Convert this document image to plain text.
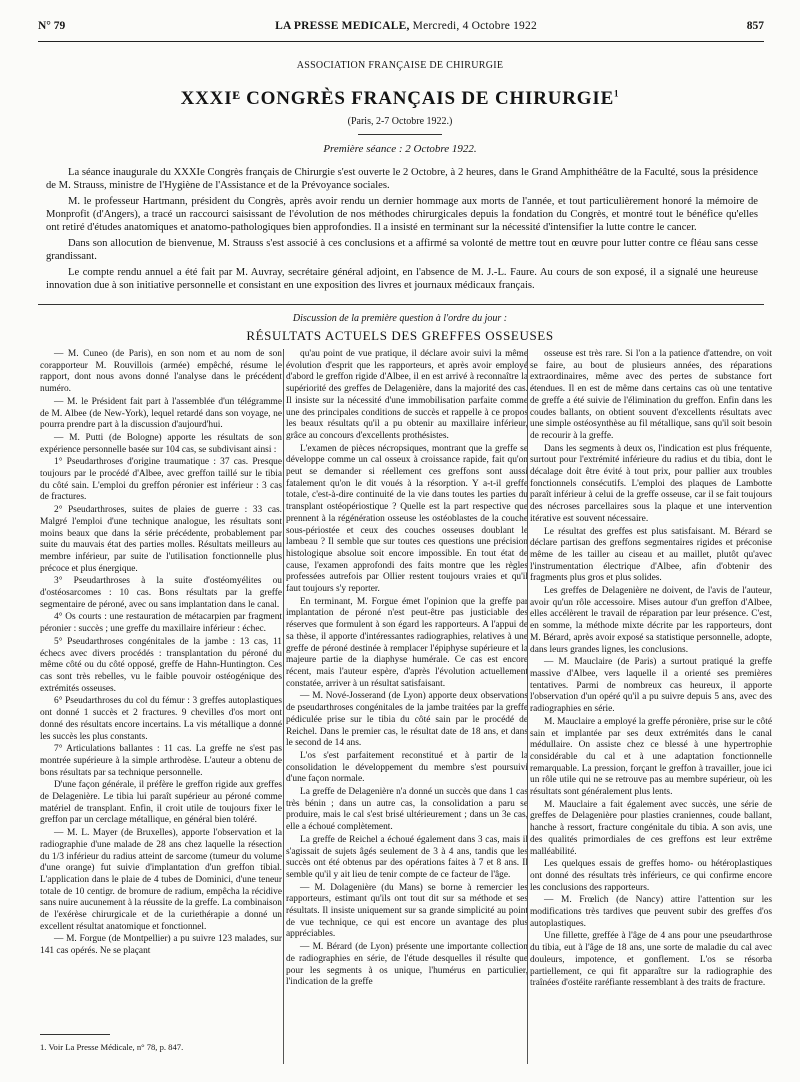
N° 79	LA PRESSE MEDICALE, Mercredi, 4 Octobre 1922	857
ASSOCIATION FRANÇAISE DE CHIRURGIE
XXXIᴱ CONGRÈS FRANÇAIS DE CHIRURGIE$^1$
(Paris, 2-7 Octobre 1922.)
Première séance : 2 Octobre 1922.

La séance inaugurale du XXXIe Congrès français de Chirurgie s'est ouverte le 2 Octobre, à 2 heures, dans le Grand Amphithéâtre de la Faculté, sous la présidence de M. Strauss, ministre de l'Hygiène de l'Assistance et de la Prévoyance sociales.

M. le professeur Hartmann, président du Congrès, après avoir rendu un dernier hommage aux morts de l'année, et tout particulièrement honoré la mémoire de Monprofit (d'Angers), a tracé un raccourci saisissant de l'évolution de nos méthodes chirurgicales depuis la fondation du Congrès, et montré tout le bénéfice qu'elles ont retiré d'études anatomiques et anatomo-pathologiques bien approfondies. Il a insisté en terminant sur la nécessité d'intensifier la lutte contre le cancer.

Dans son allocution de bienvenue, M. Strauss s'est associé à ces conclusions et a affirmé sa volonté de mettre tout en œuvre pour lutter contre ce fléau sans cesse grandissant.

Le compte rendu annuel a été fait par M. Auvray, secrétaire général adjoint, en l'absence de M. J.-L. Faure. Au cours de son exposé, il a signalé une heureuse innovation due à son initiative personnelle et consistant en une exposition des livres et journaux médicaux français.

Discussion de la première question à l'ordre du jour :
RÉSULTATS ACTUELS DES GREFFES OSSEUSES

— M. Cuneo (de Paris), en son nom et au nom de son corapporteur M. Rouvillois (armée) empêché, résume le rapport, dont nous avons donné l'analyse dans le précédent numéro.

— M. le Président fait part à l'assemblée d'un télégramme de M. Albee (de New-York), lequel retardé dans son voyage, ne pourra prendre part à la discussion d'aujourd'hui.

— M. Putti (de Bologne) apporte les résultats de son expérience personnelle basée sur 104 cas, se subdivisant ainsi :

1° Pseudarthroses d'origine traumatique : 37 cas. Presque toujours par le procédé d'Albee, avec greffon taillé sur le tibia du côté sain. L'emploi du greffon péronier est inférieur : 3 cas de fractures.

2° Pseudarthroses, suites de plaies de guerre : 33 cas. Malgré l'emploi d'une technique analogue, les résultats sont moins beaux que dans la série précédente, probablement par suite du mauvais état des parties molles. Résultats meilleurs au membre inférieur, par suite de l'utilisation fonctionnelle plus précoce et plus énergique.

3° Pseudarthroses à la suite d'ostéomyélites ou d'ostéosarcomes : 10 cas. Bons résultats par la greffe segmentaire de péroné, avec ou sans implantation dans le canal.

4° Os courts : une restauration de métacarpien par fragment péronier : succès ; une greffe du maxillaire inférieur : échec.

5° Pseudarthroses congénitales de la jambe : 13 cas, 11 échecs avec divers procédés : transplantation du péroné du même côté ou du côté opposé, greffe de Hahn-Huntington. Ces cas sont très rebelles, vu le faible pouvoir ostéogénique des extrémités osseuses.

6° Pseudarthroses du col du fémur : 3 greffes autoplastiques ont donné 1 succès et 2 fractures. 9 chevilles d'os mort ont donné des résultats encore incertains. La vis métallique a donné les succès les plus constants.

7° Articulations ballantes : 11 cas. La greffe ne s'est pas montrée supérieure à la simple arthrodèse. L'auteur a obtenu de bons résultats par sa technique personnelle.

D'une façon générale, il préfère le greffon rigide aux greffes de Delagenière. Le tibia lui paraît supérieur au péroné comme matériel de transplant. Enfin, il croit utile de toujours fixer le greffon par un cerclage métallique, en général bien toléré.

— M. L. Mayer (de Bruxelles), apporte l'observation et la radiographie d'une malade de 28 ans chez laquelle la résection du 1/3 inférieur du radius atteint de sarcome (tumeur du volume d'une orange) fut suivie d'implantation d'un greffon tibial. L'application dans le plaie de 4 tubes de Dominici, d'une teneur totale de 10 centigr. de bromure de radium, empêcha la récidive sans nuire aucunement à la réussite de la greffe. La combinaison de l'exérèse chirurgicale et de la curiethérapie a donné un excellent résultat anatomique et fonctionnel.

— M. Forgue (de Montpellier) a pu suivre 123 malades, sur 141 cas opérés. Ne se plaçant

qu'au point de vue pratique, il déclare avoir suivi la même évolution d'esprit que les rapporteurs, et après avoir employé d'abord le greffon rigide d'Albee, il en est arrivé à reconnaître la supériorité des greffes de Delagenière, dans la majorité des cas. Il insiste sur la nécessité d'une immobilisation parfaite comme une des principales conditions de succès et rappelle à ce propos les beaux résultats qu'il a pu obtenir au maxillaire inférieur, grâce au concours d'excellents prothésistes.

L'examen de pièces nécropsiques, montrant que la greffe se développe comme un cal osseux à croissance rapide, fait qu'on peut se demander si réellement ces greffons sont aussi fatalement qu'on le dit voués à la résorption. Y a-t-il greffe totale, c'est-à-dire continuité de la vie dans toutes les parties du transplant ostéopériostique ? Quelle est la part respective que prennent à la régénération osseuse les ostéoblastes de la couche sous-périostée et ceux des couches osseuses doublant le lambeau ? Il semble que sur toutes ces questions une précision histologique absolue soit encore impossible. En tout état de cause, l'examen approfondi des faits montre que les règles professées autrefois par Ollier restent toujours vraies et qu'il faut toujours s'y reporter.

En terminant, M. Forgue émet l'opinion que la greffe par implantation de péroné n'est peut-être pas justiciable des réserves que formulent à son égard les rapporteurs. A l'appui de sa thèse, il apporte d'intéressantes radiographies, relatives à une greffe de péroné destinée à remplacer l'épiphyse supérieure et la majeure partie de la diaphyse humérale. Ce cas est encore récent, mais l'auteur espère, d'après l'évolution actuellement constatée, arriver à un résultat satisfaisant.

— M. Nové-Josserand (de Lyon) apporte deux observations de pseudarthroses congénitales de la jambe traitées par la greffe pédiculée prise sur le tibia du côté sain par le procédé de Reichel. Dans le premier cas, le résultat date de 18 ans, et dans le second de 14 ans.

L'os s'est parfaitement reconstitué et à partir de la consolidation le développement du membre s'est poursuivi d'une façon normale.

La greffe de Delagenière n'a donné un succès que dans 1 cas très bénin ; dans un autre cas, la consolidation a paru se produire, mais le cal s'est brisé ultérieurement ; dans un 3e cas, elle a échoué complètement.

La greffe de Reichel a échoué également dans 3 cas, mais il s'agissait de sujets âgés seulement de 3 à 4 ans, tandis que les succès ont été obtenus par des opérations faites à 7 et 8 ans. Il semble qu'il y ait lieu de tenir compte de ce facteur de l'âge.

— M. Dolagenière (du Mans) se borne à remercier les rapporteurs, estimant qu'ils ont tout dit sur sa méthode et ses résultats. Il insiste uniquement sur sa grande simplicité au point de vue technique, ce qui est encore un avantage des plus appréciables.

— M. Bérard (de Lyon) présente une importante collection de radiographies en série, de l'étude desquelles il résulte que pour les segments à os unique, l'humérus en particulier, l'indication de la greffe

osseuse est très rare. Si l'on a la patience d'attendre, on voit se faire, au bout de plusieurs années, des réparations extraordinaires, même avec des pertes de substance fort étendues. Il en est de même dans certains cas où une tentative de greffe a été suivie de l'élimination du greffon. Enfin dans les coudes ballants, on obtient souvent d'excellents résultats avec une simple ostéosynthèse au fil métallique, sans qu'il soit besoin de recourir à la greffe.

Dans les segments à deux os, l'indication est plus fréquente, surtout pour l'extrémité inférieure du radius et du tibia, dont le décalage doit être évité à tout prix, pour pallier aux troubles fonctionnels consécutifs. L'emploi des plaques de Lambotte paraît inférieur à celui de la greffe osseuse, car il se fait toujours des nécroses parcellaires sous la plaque et une intervention itérative est souvent nécessaire.

Le résultat des greffes est plus satisfaisant. M. Bérard se déclare partisan des greffons segmentaires rigides et préconise même de les tailler au ciseau et au maillet, plutôt qu'avec l'instrumentation électrique d'Albee, afin d'obtenir des fragments plus gros et plus solides.

Les greffes de Delagenière ne doivent, de l'avis de l'auteur, avoir qu'un rôle accessoire. Mises autour d'un greffon d'Albee, elles accélèrent le travail de réparation par leur présence. C'est, en somme, la méthode mixte décrite par les rapporteurs, dont M. Bérard, après avoir exposé sa statistique personnelle, adopte, dans leurs grandes lignes, les conclusions.

— M. Mauclaire (de Paris) a surtout pratiqué la greffe massive d'Albee, vers laquelle il a orienté ses premières tentatives. Parmi de nombreux cas heureux, il apporte l'observation d'un opéré qu'il a pu suivre depuis 5 ans, avec des radiographies en série.

M. Mauclaire a employé la greffe péronière, prise sur le côté sain et implantée par ses deux extrémités dans le canal médullaire. On assiste chez ce blessé à une hypertrophie considérable du cal et à une adaptation fonctionnelle remarquable. La pression, forçant le greffon à travailler, joue ici un rôle utile qui ne se retrouve pas au membre supérieur, où les résultats sont généralement plus lents.

M. Mauclaire a fait également avec succès, une série de greffes de Delagenière pour plasties craniennes, coude ballant, hanche à ressort, fracture congénitale du tibia. A son avis, une des qualités primordiales de ces greffons est leur extrême malléabilité.

Les quelques essais de greffes homo- ou hétéroplastiques ont donné des résultats très inférieurs, ce qui confirme encore les conclusions des rapporteurs.

— M. Frœlich (de Nancy) attire l'attention sur les modifications très tardives que peuvent subir des greffes d'os autoplastiques.

Une fillette, greffée à l'âge de 4 ans pour une pseudarthrose du tibia, eut à l'âge de 18 ans, une sorte de maladie du cal avec douleurs, impotence, et gonflement. L'os se résorba partiellement, ce qui fit apparaître sur la radiographie des traînées d'ostéite raréfiante ressemblant à des traits de fracture.

1. Voir La Presse Médicale, n° 78, p. 847.
